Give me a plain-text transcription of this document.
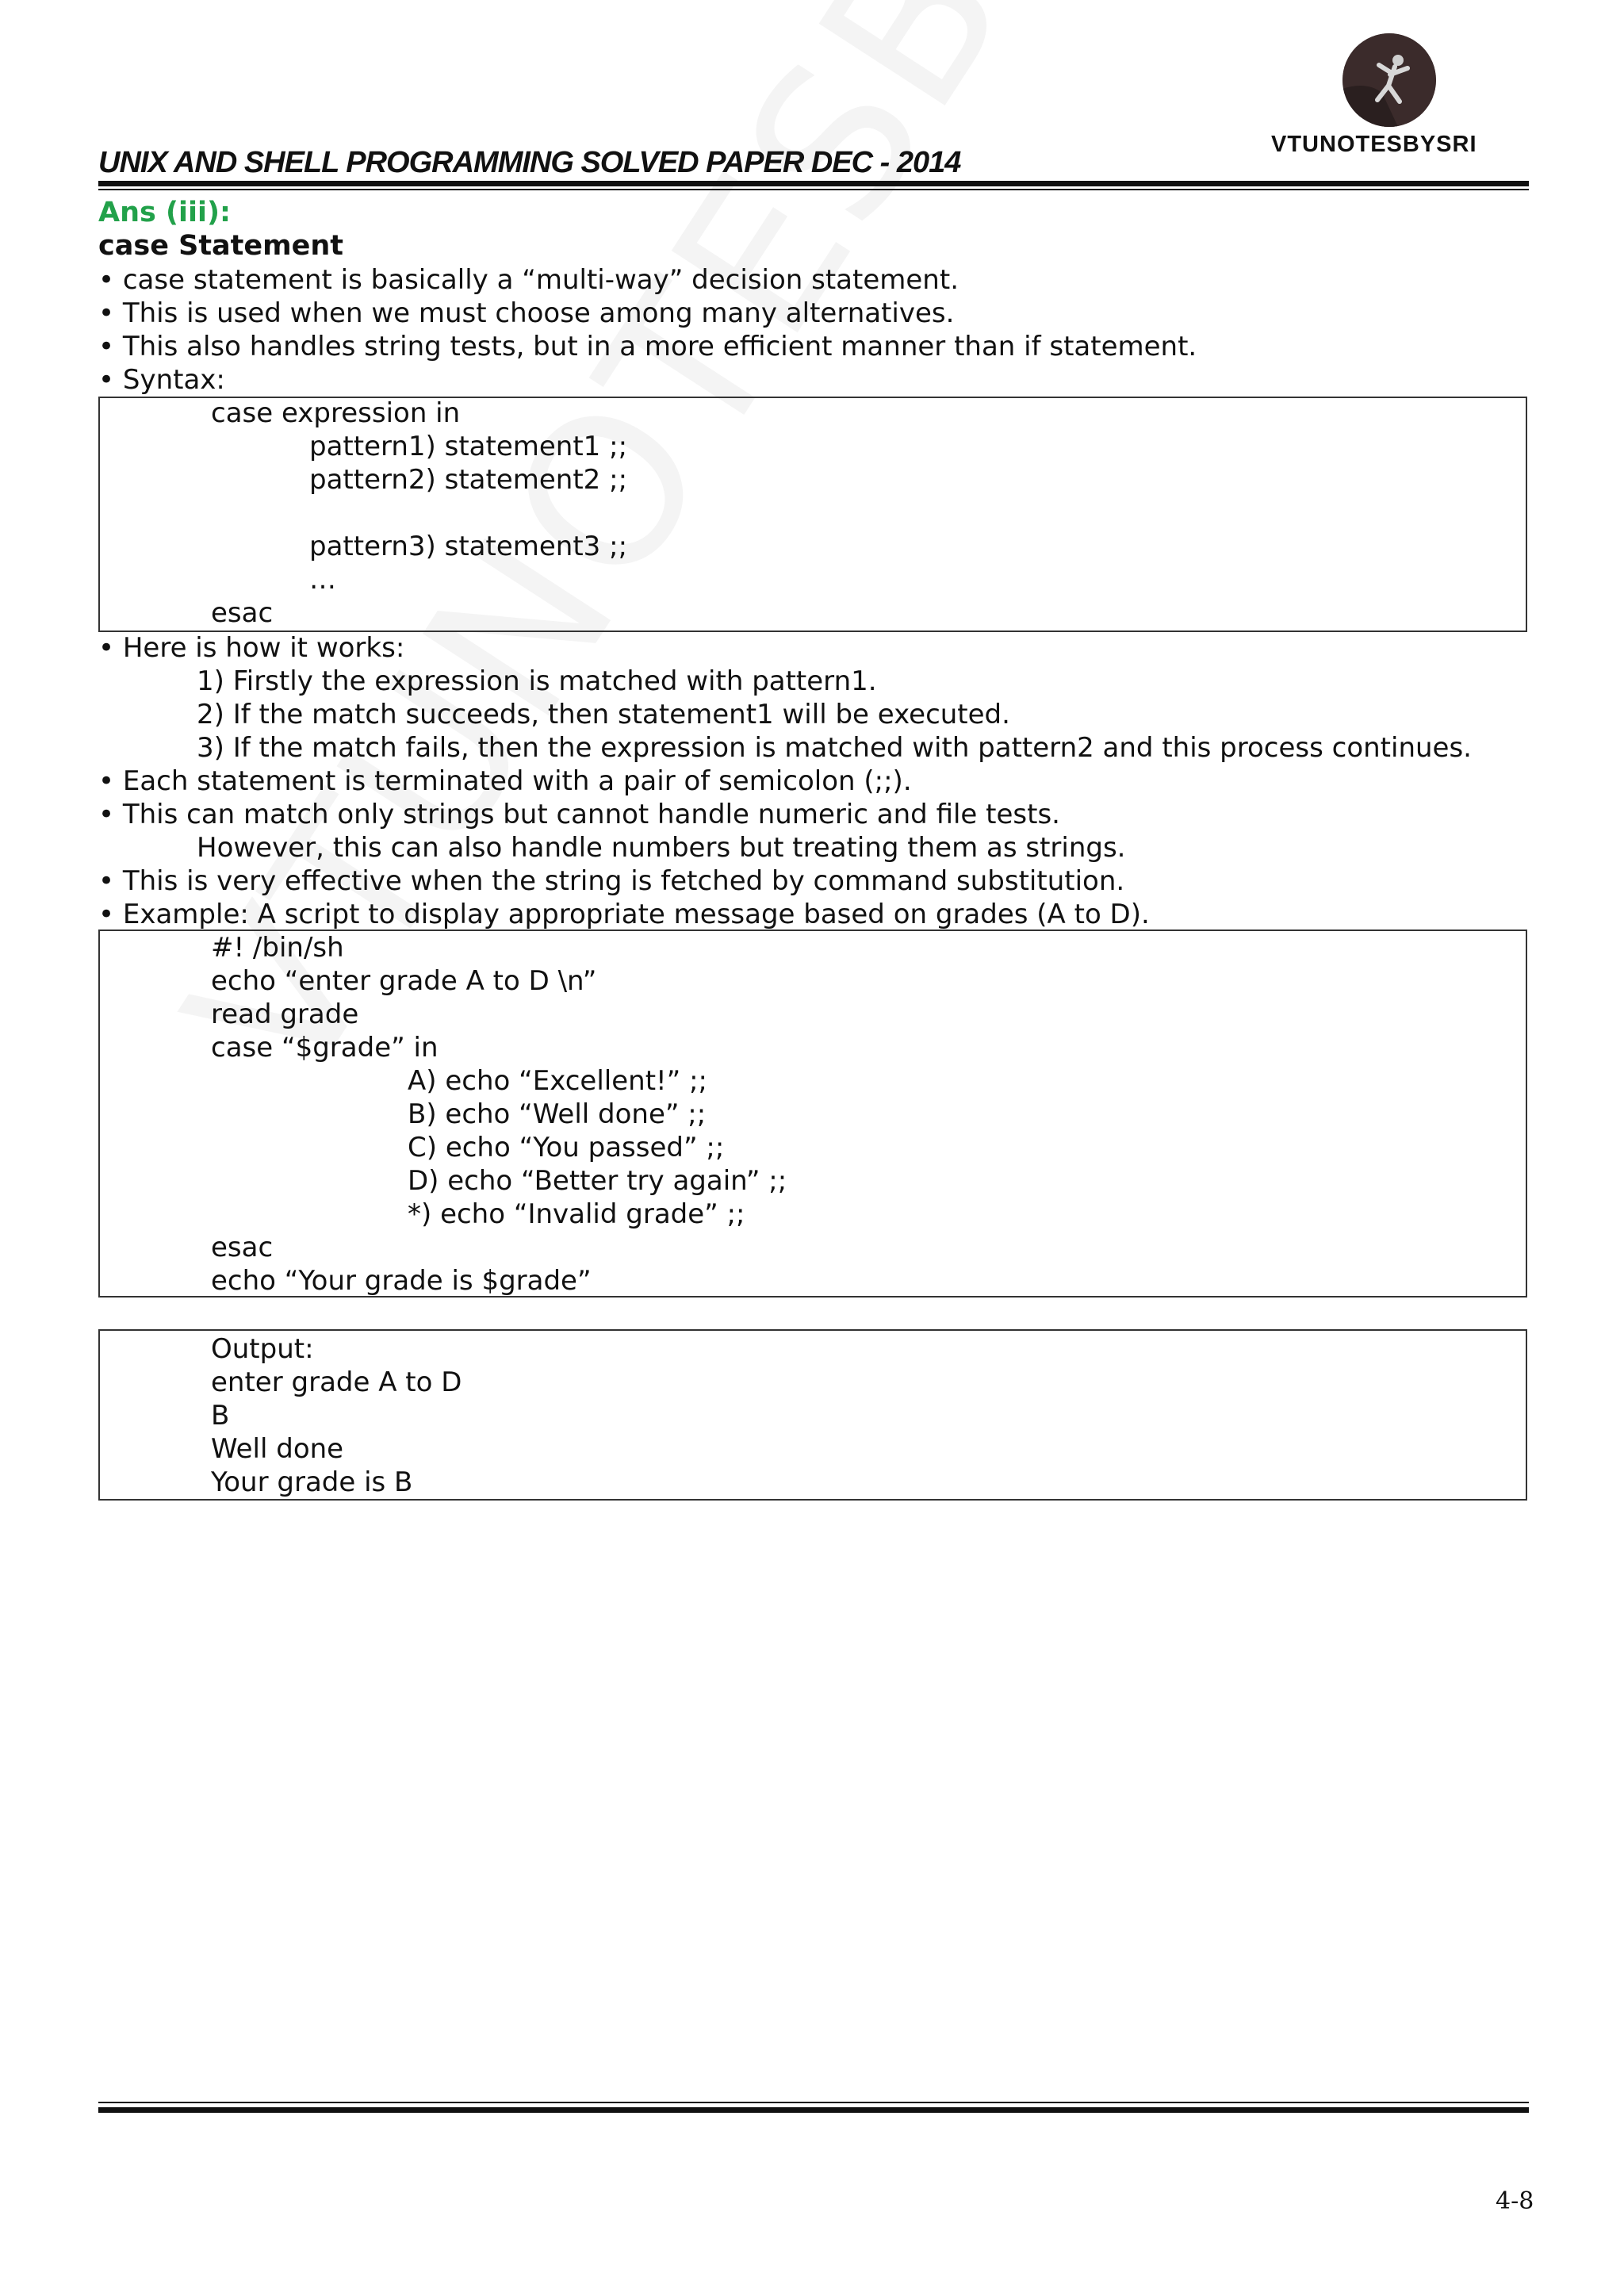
VTUNOTESBYSRI
UNIX AND SHELL PROGRAMMING SOLVED PAPER DEC - 2014
Ans (iii):
case Statement
• case statement is basically a “multi-way” decision statement.
• This is used when we must choose among many alternatives.
• This also handles string tests, but in a more efficient manner than if statement.
• Syntax:
case expression in
pattern1) statement1 ;;
pattern2) statement2 ;;
pattern3) statement3 ;;
…
esac
• Here is how it works:
1) Firstly the expression is matched with pattern1.
2) If the match succeeds, then statement1 will be executed.
3) If the match fails, then the expression is matched with pattern2 and this process continues.
• Each statement is terminated with a pair of semicolon (;;).
• This can match only strings but cannot handle numeric and file tests.
However, this can also handle numbers but treating them as strings.
• This is very effective when the string is fetched by command substitution.
• Example: A script to display appropriate message based on grades (A to D).
#! /bin/sh
echo “enter grade A to D \n”
read grade
case “$grade” in
A) echo “Excellent!” ;;
B) echo “Well done” ;;
C) echo “You passed” ;;
D) echo “Better try again” ;;
*) echo “Invalid grade” ;;
esac
echo “Your grade is $grade”
Output:
enter grade A to D
B
Well done
Your grade is B
4-8
